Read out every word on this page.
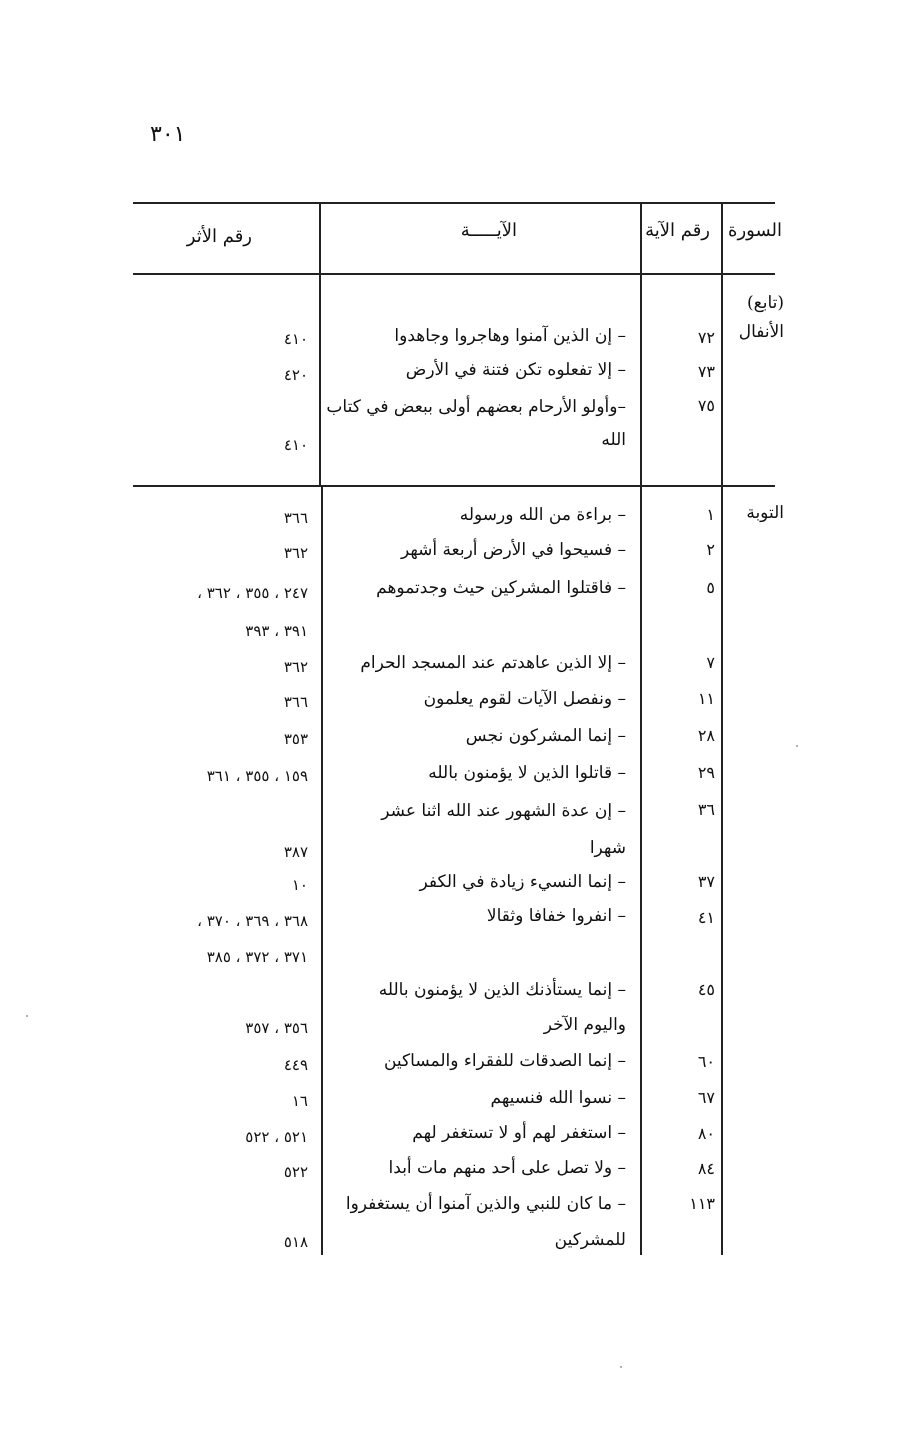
٣٠١
السورة
رقم الآية
الآيـــــة
رقم الأثر
(تابع)
الأنفال
٧٢
– إن الذين آمنوا وهاجروا وجاهدوا
٤١٠
٧٣
– إلا تفعلوه تكن فتنة في الأرض
٤٢٠
٧٥
–وأولو الأرحام بعضهم أولى ببعض في كتاب
الله
٤١٠
التوبة
١
– براءة من الله ورسوله
٣٦٦
٢
– فسيحوا في الأرض أربعة أشهر
٣٦٢
٥
– فاقتلوا المشركين حيث وجدتموهم
٢٤٧ ، ٣٥٥ ، ٣٦٢ ،
٣٩١ ، ٣٩٣
٧
– إلا الذين عاهدتم عند المسجد الحرام
٣٦٢
١١
– ونفصل الآيات لقوم يعلمون
٣٦٦
٢٨
– إنما المشركون نجس
٣٥٣
٢٩
– قاتلوا الذين لا يؤمنون بالله
١٥٩ ، ٣٥٥ ، ٣٦١
٣٦
– إن عدة الشهور عند الله اثنا عشر
شهرا
٣٨٧
٣٧
– إنما النسيء زيادة في الكفر
١٠
٤١
– انفروا خفافا وثقالا
٣٦٨ ، ٣٦٩ ، ٣٧٠ ،
٣٧١ ، ٣٧٢ ، ٣٨٥
٤٥
– إنما يستأذنك الذين لا يؤمنون بالله
واليوم الآخر
٣٥٦ ، ٣٥٧
٦٠
– إنما الصدقات للفقراء والمساكين
٤٤٩
٦٧
– نسوا الله فنسيهم
١٦
٨٠
– استغفر لهم أو لا تستغفر لهم
٥٢١ ، ٥٢٢
٨٤
– ولا تصل على أحد منهم مات أبدا
٥٢٢
١١٣
– ما كان للنبي والذين آمنوا أن يستغفروا
للمشركين
٥١٨
